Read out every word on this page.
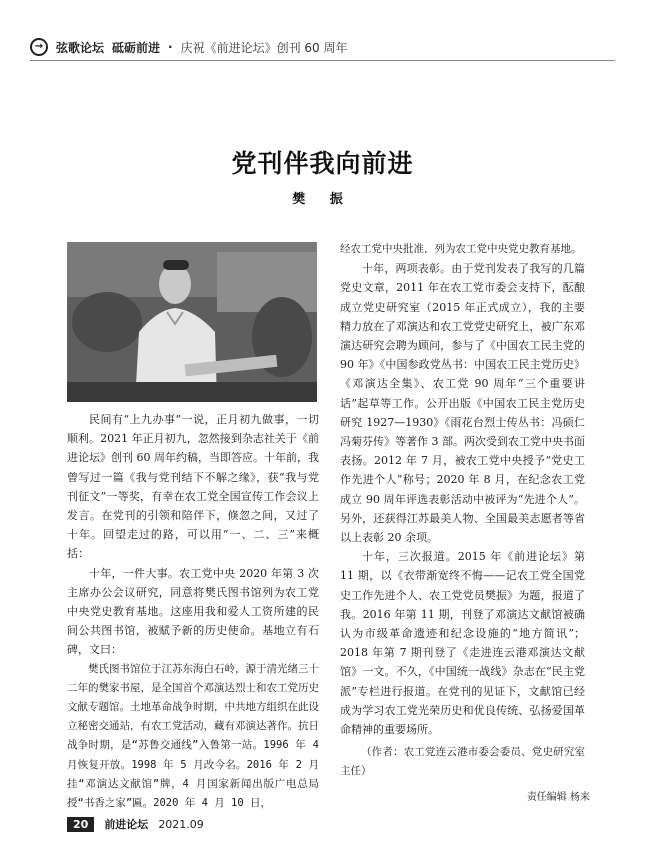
→	弦歌论坛 砥砺前进 · 庆祝《前进论坛》创刊 60 周年
党刊伴我向前进
樊 振

民间有“上九办事”一说，正月初九做事，一切顺利。2021 年正月初九，忽然接到杂志社关于《前进论坛》创刊 60 周年约稿，当即答应。十年前，我曾写过一篇《我与党刊结下不解之缘》，获“我与党刊征文”一等奖，有幸在农工党全国宣传工作会议上发言。在党刊的引领和陪伴下，倏忽之间，又过了十年。回望走过的路，可以用“一、二、三”来概括：

十年，一件大事。农工党中央 2020 年第 3 次主席办公会议研究，同意将樊氏图书馆列为农工党中央党史教育基地。这座用我和爱人工资所建的民间公共图书馆，被赋予新的历史使命。基地立有石碑，文曰：

樊氏图书馆位于江苏东海白石岭，源于清光绪三十二年的樊家书屋，是全国首个邓演达烈士和农工党历史文献专题馆。土地革命战争时期，中共地方组织在此设立秘密交通站，有农工党活动，藏有邓演达著作。抗日战争时期，是“苏鲁交通线”入鲁第一站。1996 年 4 月恢复开放。1998 年 5 月改今名。2016 年 2 月挂“邓演达文献馆”牌，4 月国家新闻出版广电总局授“书香之家”匾。2020 年 4 月 10 日，

经农工党中央批准，列为农工党中央党史教育基地。

十年，两项表彰。由于党刊发表了我写的几篇党史文章，2011 年在农工党市委会支持下，酝酿成立党史研究室（2015 年正式成立），我的主要精力放在了邓演达和农工党党史研究上，被广东邓演达研究会聘为顾问，参与了《中国农工民主党的 90 年》《中国参政党丛书：中国农工民主党历史》《邓演达全集》、农工党 90 周年“三个重要讲话”起草等工作。公开出版《中国农工民主党历史研究 1927—1930》《雨花台烈士传丛书：冯硕仁 冯菊芬传》等著作 3 部。两次受到农工党中央书面表扬。2012 年 7 月，被农工党中央授予“党史工作先进个人”称号；2020 年 8 月，在纪念农工党成立 90 周年评选表彰活动中被评为“先进个人”。另外，还获得江苏最美人物、全国最美志愿者等省以上表彰 20 余项。

十年，三次报道。2015 年《前进论坛》第 11 期，以《衣带渐宽终不悔——记农工党全国党史工作先进个人、农工党党员樊振》为题，报道了我。2016 年第 11 期，刊登了邓演达文献馆被确认为市级革命遗迹和纪念设施的“地方简讯”；2018 年第 7 期刊登了《走进连云港邓演达文献馆》一文。不久，《中国统一战线》杂志在“民主党派”专栏进行报道。在党刊的见证下，文献馆已经成为学习农工党光荣历史和优良传统、弘扬爱国革命精神的重要场所。

（作者：农工党连云港市委会委员、党史研究室主任）

责任编辑 杨来
20	前进论坛 2021.09
